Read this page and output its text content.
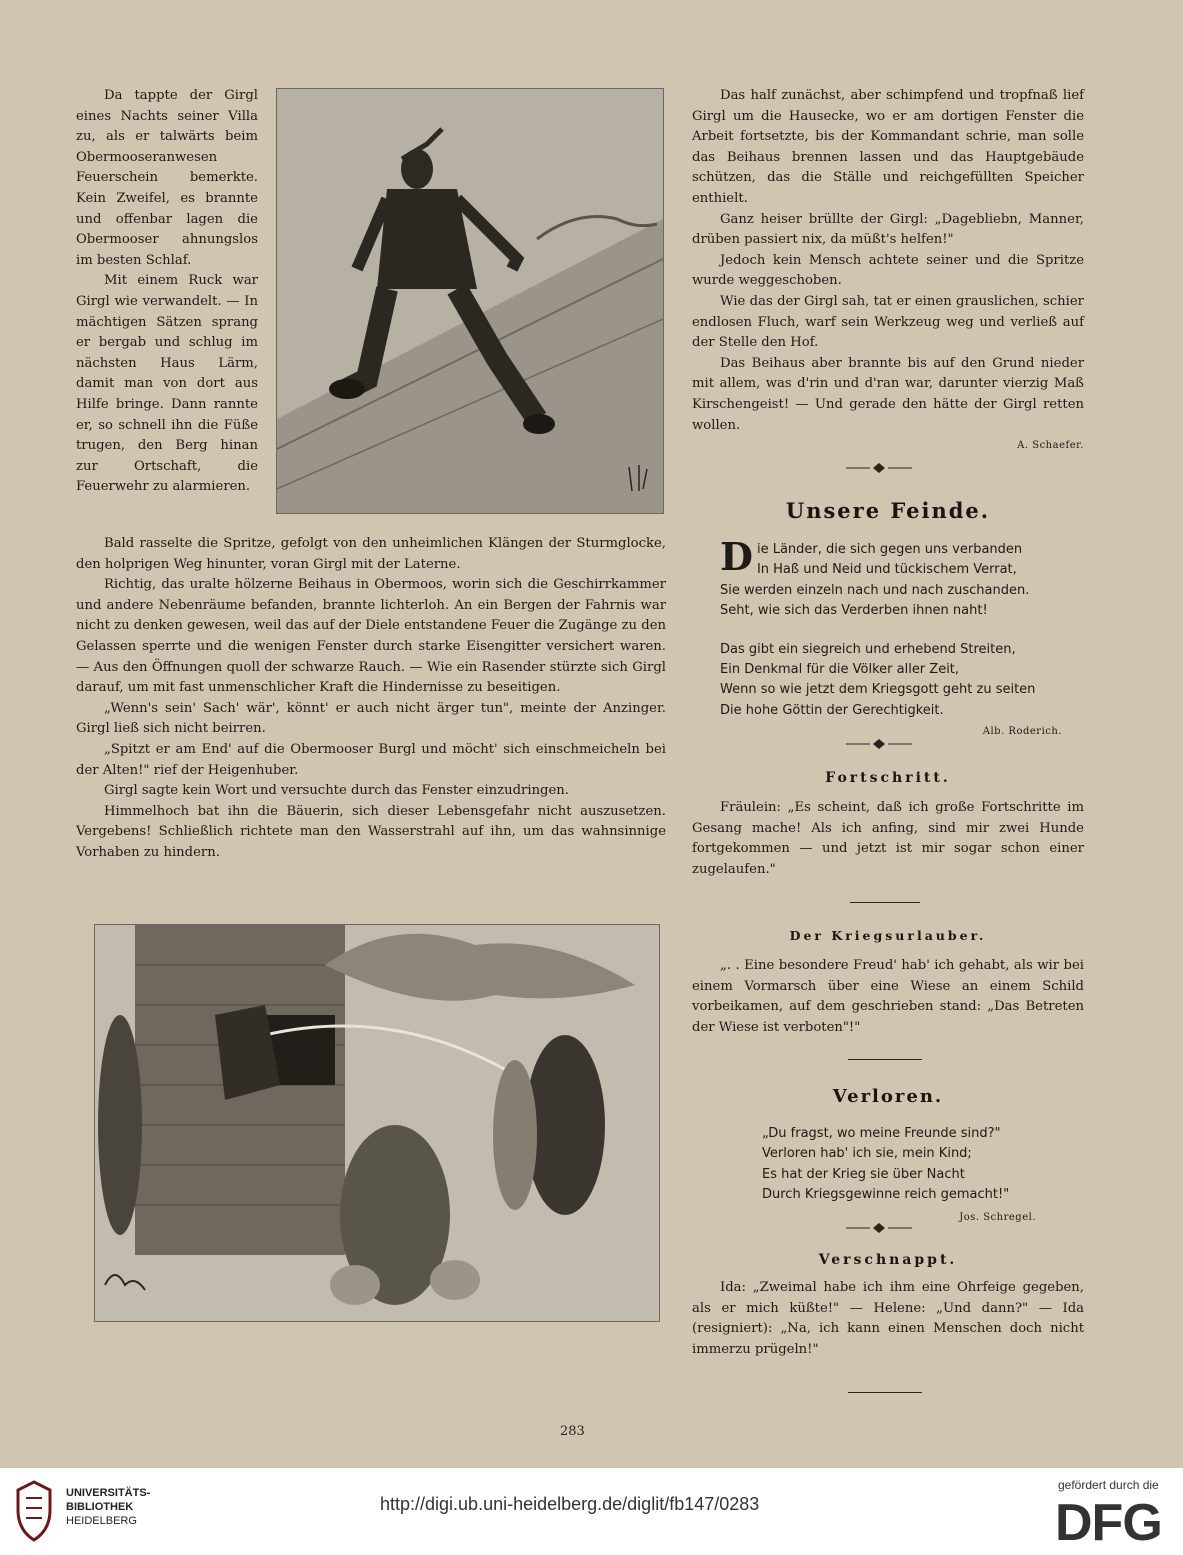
Da tappte der Girgl eines Nachts seiner Villa zu, als er talwärts beim Obermooseranwesen Feuerschein bemerkte. Kein Zweifel, es brannte und offenbar lagen die Obermooser ahnungslos im besten Schlaf.

Mit einem Ruck war Girgl wie verwandelt. — In mächtigen Sätzen sprang er bergab und schlug im nächsten Haus Lärm, damit man von dort aus Hilfe bringe. Dann rannte er, so schnell ihn die Füße trugen, den Berg hinan zur Ortschaft, die Feuerwehr zu alarmieren.

Bald rasselte die Spritze, gefolgt von den unheimlichen Klängen der Sturmglocke, den holprigen Weg hinunter, voran Girgl mit der Laterne.

Richtig, das uralte hölzerne Beihaus in Obermoos, worin sich die Geschirrkammer und andere Nebenräume befanden, brannte lichterloh. An ein Bergen der Fahrnis war nicht zu denken gewesen, weil das auf der Diele entstandene Feuer die Zugänge zu den Gelassen sperrte und die wenigen Fenster durch starke Eisengitter versichert waren. — Aus den Öffnungen quoll der schwarze Rauch. — Wie ein Rasender stürzte sich Girgl darauf, um mit fast unmenschlicher Kraft die Hindernisse zu beseitigen.

„Wenn's sein' Sach' wär', könnt' er auch nicht ärger tun", meinte der Anzinger. Girgl ließ sich nicht beirren.

„Spitzt er am End' auf die Obermooser Burgl und möcht' sich einschmeicheln bei der Alten!" rief der Heigenhuber.

Girgl sagte kein Wort und versuchte durch das Fenster einzudringen.

Himmelhoch bat ihn die Bäuerin, sich dieser Lebensgefahr nicht auszusetzen. Vergebens! Schließlich richtete man den Wasserstrahl auf ihn, um das wahnsinnige Vorhaben zu hindern.

Das half zunächst, aber schimpfend und tropfnaß lief Girgl um die Hausecke, wo er am dortigen Fenster die Arbeit fortsetzte, bis der Kommandant schrie, man solle das Beihaus brennen lassen und das Hauptgebäude schützen, das die Ställe und reichgefüllten Speicher enthielt.

Ganz heiser brüllte der Girgl: „Dagebliebn, Manner, drüben passiert nix, da müßt's helfen!"

Jedoch kein Mensch achtete seiner und die Spritze wurde weggeschoben.

Wie das der Girgl sah, tat er einen grauslichen, schier endlosen Fluch, warf sein Werkzeug weg und verließ auf der Stelle den Hof.

Das Beihaus aber brannte bis auf den Grund nieder mit allem, was d'rin und d'ran war, darunter vierzig Maß Kirschengeist! — Und gerade den hätte der Girgl retten wollen.

A. Schaefer.

Unsere Feinde.
D ie Länder, die sich gegen uns verbanden

In Haß und Neid und tückischem Verrat,

Sie werden einzeln nach und nach zuschanden.

Seht, wie sich das Verderben ihnen naht!

Das gibt ein siegreich und erhebend Streiten,

Ein Denkmal für die Völker aller Zeit,

Wenn so wie jetzt dem Kriegsgott geht zu seiten

Die hohe Göttin der Gerechtigkeit.

Alb. Roderich.

Fortschritt.

Fräulein: „Es scheint, daß ich große Fortschritte im Gesang mache! Als ich anfing, sind mir zwei Hunde fortgekommen — und jetzt ist mir sogar schon einer zugelaufen."

Der Kriegsurlauber.

„. . Eine besondere Freud' hab' ich gehabt, als wir bei einem Vormarsch über eine Wiese an einem Schild vorbeikamen, auf dem geschrieben stand: „Das Betreten der Wiese ist verboten"!"

Verloren.

„Du fragst, wo meine Freunde sind?"

Verloren hab' ich sie, mein Kind;

Es hat der Krieg sie über Nacht

Durch Kriegsgewinne reich gemacht!"

Jos. Schregel.

Verschnappt.

Ida: „Zweimal habe ich ihm eine Ohrfeige gegeben, als er mich küßte!" — Helene: „Und dann?" — Ida (resigniert): „Na, ich kann einen Menschen doch nicht immerzu prügeln!"

283
UNIVERSITÄTS-
BIBLIOTHEK
HEIDELBERG
http://digi.ub.uni-heidelberg.de/diglit/fb147/0283
gefördert durch die
DFG
